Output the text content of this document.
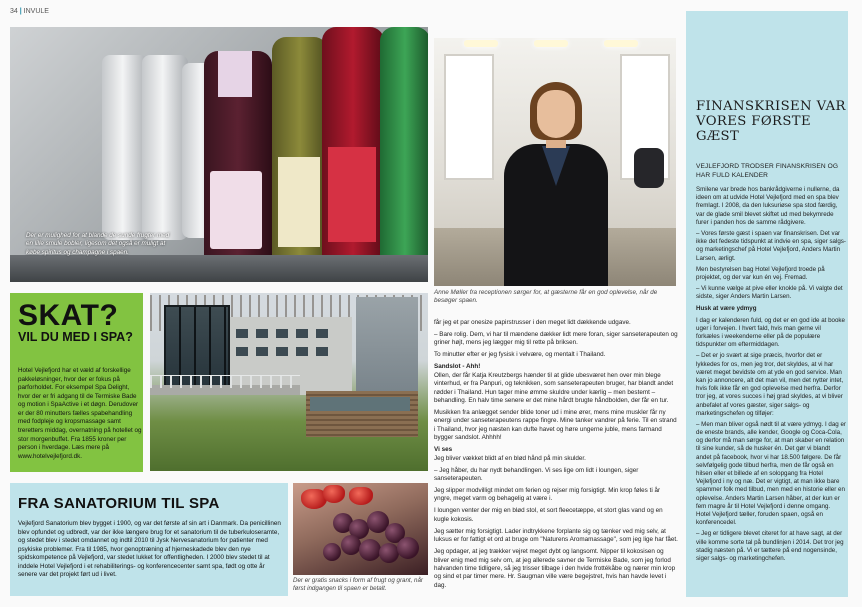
34 | INVULE
Der er mulighed for at blande de sunde frugter med en lille smule bobler, ligesom det også er muligt at købe spiritus og champagne i spaen.
Anne Møller fra receptionen sørger for, at gæsterne får en god oplevelse, når de besøger spaen.
SKAT?
VIL DU MED I SPA?
Hotel Vejlefjord har et væld af forskellige pakkeløsninger, hvor der er fokus på parforholdet. For eksempel Spa Delight, hvor der er fri adgang til de Termiske Bade og motion i SpaActive i et døgn. Derudover er der 80 minutters fælles spabehandling med fodpleje og kropsmassage samt treretters middag, overnatning på hotellet og stor morgenbuffet. Fra 1855 kroner per person i hverdage. Læs mere på www.hotelvejlefjord.dk.
FRA SANATORIUM TIL SPA
Vejlefjord Sanatorium blev bygget i 1900, og var det første af sin art i Danmark. Da penicillinen blev opfundet og udbredt, var der ikke længere brug for et sanatorium til de tuberkuloseramte, og stedet blev i stedet omdannet og indtil 2010 til Jysk Nervesanatorium for patienter med psykiske problemer. Fra til 1985, hvor genoptræning af hjerneskadede blev den nye spidskompetence på Vejlefjord, var stedet lukket for offentligheden. I 2000 blev stedet til at inddele Hotel Vejlefjord i et rehabiliterings- og konferencecenter samt spa, født og otte år senere var det projekt ført ud i livet.
Der er gratis snacks i form af frugt og grant, når først indgangen til spaen er betalt.

får jeg et par onesize papirstrusser i den meget lidt dækkende udgave.

– Bare rolig. Dem, vi har til mændene dækker lidt mere foran, siger sanseterapeuten og griner højt, mens jeg lægger mig til rette på briksen.

To minutter efter er jeg fysisk i velvære, og mentalt i Thailand.

Sandslot - Ahh!

Ollen, der får Katja Kreutzbergs hænder til at glide ubesværet hen over min blege vinterhud, er fra Panpuri, og teknikken, som sanseterapeuten bruger, har blandt andet rødder i Thailand. Hun tager mine ømme skuldre under kærlig – men bestemt – behandling. En halv time senere er det mine hårdt brugte håndbolden, der får en tur.

Musikken fra anlægget sender blide toner ud i mine ører, mens mine muskler får ny energi under sanseterapeutens rappe fingre. Mine tanker vandrer på ferie. Til en strand i Thailand, hvor jeg næsten kan dufte havet og høre ungerne juble, mens farmand bygger sandslot. Ahhhh!

Vi ses

Jeg bliver vækket blidt af en blød hånd på min skulder.

– Jeg håber, du har nydt behandlingen. Vi ses lige om lidt i loungen, siger sanseterapeuten.

Jeg slipper modvilligt mindet om ferien og rejser mig forsigtigt. Min krop føles ti år yngre, meget varm og behagelig at være i.

I loungen venter der mig en blød stol, et sort fleecetæppe, et stort glas vand og en kugle kokosis.

Jeg sætter mig forsigtigt. Lader indtrykkene forplante sig og tænker ved mig selv, at luksus er for fattigt et ord at bruge om "Naturens Aromamassage", som jeg lige har fået.

Jeg opdager, at jeg trækker vejret meget dybt og langsomt. Nipper til kokosisen og bliver enig med mig selv om, at jeg allerede savner de Termiske Bade, som jeg forlod halvanden time tidligere, så jeg trisser tilbage i den hvide frottékåbe og nærer min krop og sind et par timer mere. Hr. Saugman ville være begejstret, hvis han havde levet i dag.

FINANSKRISEN VAR VORES FØRSTE GÆST
VEJLEFJORD TRODSER FINANSKRISEN OG HAR FULD KALENDER

Smilene var brede hos bankrådgiverne i nullerne, da ideen om at udvide Hotel Vejlefjord med en spa blev fremlagt. I 2008, da den luksuriøse spa stod færdig, var de glade smil blevet skiftet ud med bekymrede furer i panden hos de samme rådgivere.

– Vores første gæst i spaen var finanskrisen. Det var ikke det fedeste tidspunkt at indvie en spa, siger salgs- og marketingschef på Hotel Vejlefjord, Anders Martin Larsen, ærligt.

Men bestyrelsen bag Hotel Vejlefjord troede på projektet, og der var kun én vej. Fremad.

– Vi kunne vælge at pive eller knokle på. Vi valgte det sidste, siger Anders Martin Larsen.

Husk at være ydmyg

I dag er kalenderen fuld, og det er en god ide at booke uger i forvejen. I hvert fald, hvis man gerne vil forkæles i weekenderne eller på de populære tidspunkter om eftermiddagen.

– Det er jo svært at sige præcis, hvorfor det er lykkedes for os, men jeg tror, det skyldes, at vi har været meget bevidste om at yde en god service. Man kan jo annoncere, alt det man vil, men det nytter intet, hvis folk ikke får en god oplevelse med herfra. Derfor tror jeg, at vores succes i høj grad skyldes, at vi bliver anbefalet af vores gæster, siger salgs- og marketingschefen og tilføjer:

– Men man bliver også nødt til at være ydmyg. I dag er de eneste brands, alle kender, Google og Coca-Cola, og derfor må man sørge for, at man skaber en relation til sine kunder, så de husker én. Det gør vi blandt andet på facebook, hvor vi har 18.500 følgere. De får selvfølgelig gode tilbud herfra, men de får også en hilsen eller et billede af en solopgang fra Hotel Vejlefjord i ny og næ. Det er vigtigt, at man ikke bare spammer folk med tilbud, men med en historie eller en oplevelse. Anders Martin Larsen håber, at der kun er fem magre år til Hotel Vejlefjord i denne omgang. Hotel Vejlefjord tæller, foruden spaen, også en konferencedel.

– Jeg er tidligere blevet citeret for at have sagt, at der ville komme sorte tal på bundlinjen i 2014. Det tror jeg stadig næsten på. Vi er tættere på end nogensinde, siger salgs- og marketingchefen.
